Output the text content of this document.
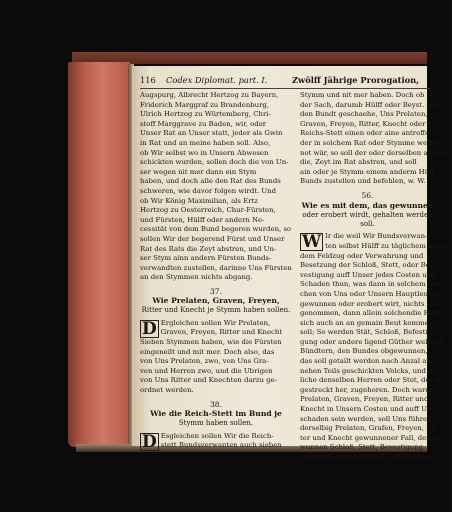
116 Codex Diplomat. part. I.	Zwölff Jährige Prorogation,
Augspurg, Albrecht Hertzog zu Bayern,
Friderich Marggraf zu Brandenburg,
Ulrich Hertzog zu Würtemberg, Chri-
stoff Marggrave zu Baden, wir, oder
Unser Rat an Unser statt, jeder als Gwin
in Rat und an meine haben soll. Also,
ob Wir selbst wo in Unsern Abwesen
schickten wurden, sollen doch die von Un-
ser wegen nit mer dann ein Stym
haben, und doch alle den Rat des Bunds
schweren, wie davor folgen wirdt. Und
ob Wir König Maximilian, als Ertz
Hertzog zu Oesterreich, Chur-Fürsten,
und Fürsten, Hülff oder andern Ne-
cessität von dem Bund begeren wurden, so
sollen Wir der begerend Fürst und Unser
Rat des Rats die Zeyt abstren, und Un-
ser Stym ainn andern Fürsten Bunds-
verwandten zustellen, darinne Uns Fürsten
an den Stymmen nichts abgang.
37.
Wie Prelaten, Graven, Freyen,
Ritter und Knecht je Stymm haben sollen.
D Ergleichen sollen Wir Prelaten,
Graven, Freyen, Ritter und Knecht
Sieben Stymmen haben, wie die Fürsten
eingeneilt und mit mer. Doch also, das
von Uns Prelaten, zwo, von Uns Gra-
ven und Herren zwo, und die Ubrigen
von Uns Ritter und Knechten darzu ge-
ordnet werden.
38.
Wie die Reich-Stett im Bund je
Stymm haben sollen.
D Esgleichen sollen Wir die Reich-
stett Bundsverwanten auch sieben
Stymm und nit mer haben. Doch ob
der Sach, darumb Hülff oder Beyst. ent-
den Bundt geschaehe, Uns Prelaten,
Graven, Freyen, Ritter, Knecht oder
Reichs-Stett einen oder aine antreffen,
der in solchem Rat oder Stymme werden
not wär, so soll der oder derselben ain oder
die, Zeyt im Rat abstren, und soll
ain oder je Stymm einem anderm Hülf
Bunds zustellen und befehlen, w. W.
56.
Wie es mit dem, das gewunnen
oder erobert wirdt, gehalten werden soll.
W Ir die weil Wir Bundsverwan-
ten selbst Hülff zu täglichem Krieg
dem Feldzug oder Verwahrung und
Besetzung der Schloß, Stett, oder Be-
vestigung auff Unser jedes Costen und
Schaden thun, was dann in solchem we-
chen von Uns oder Unsern Hauptleuten
gewunnen oder erobert wirt, nichts aus-
genommen, dann allein solchendie Fehd
sich auch an an gemain Beut kommen
soll; So werden Stät, Schloß, Befesti-
gung oder andere ligend Güther welcher
Bündtern, den Bundes obgewunnen,
das soll getailt werden nach Anzal an-
nehen Teils geschickten Volcks, und ge-
liche denselben Herren oder Stet, der sie
gestreckt her, zugehoren. Doch waren
Prelaten, Graven, Freyen, Ritter und
Knecht in Unsern Costen und auff Un-
schaden sein werden, soll Uns führen
derselbig Prelaten, Grafen, Freyen, Rit-
ter und Knecht gewunnener Fall, der ge-
wunnen Schloß, Stett, Bevestigung
oder ander ligend Güter und Besitzun-
